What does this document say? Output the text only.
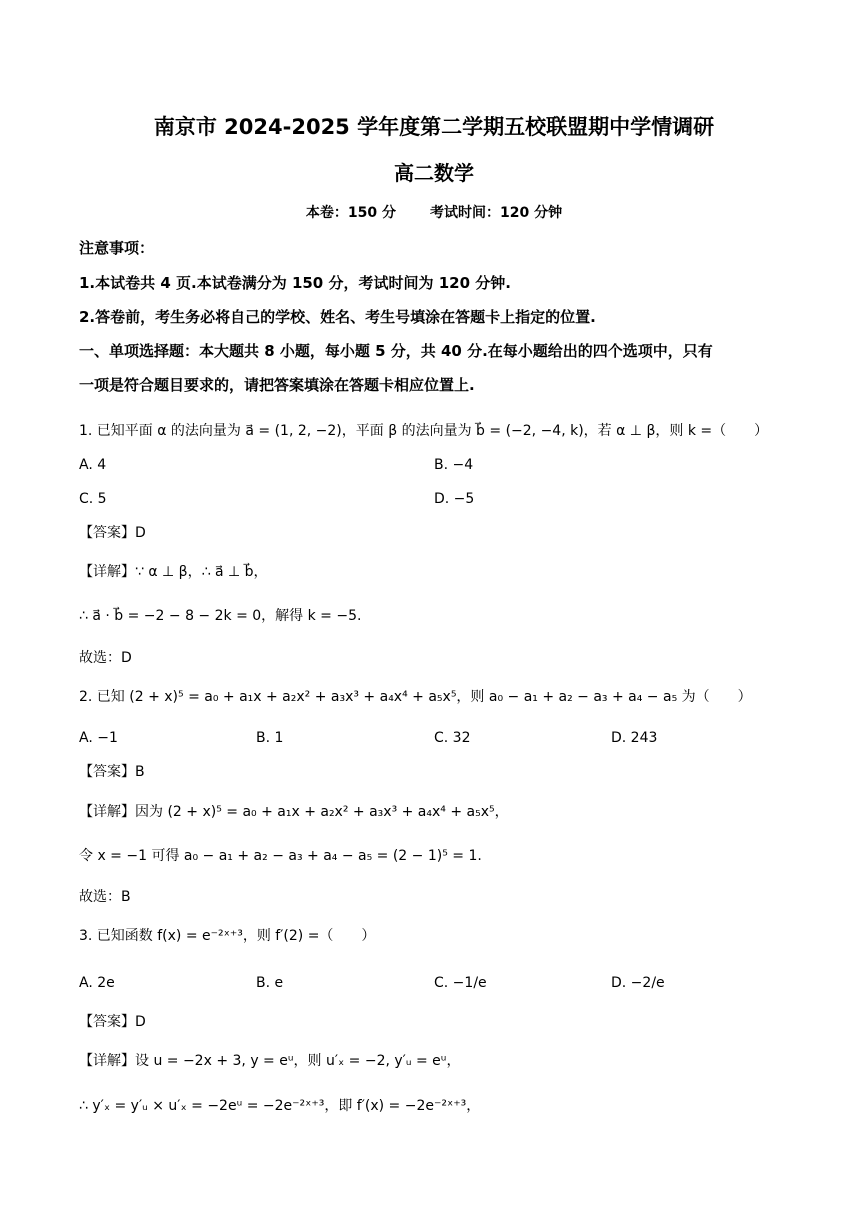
南京市 2024-2025 学年度第二学期五校联盟期中学情调研
高二数学
本卷：150 分 考试时间：120 分钟
注意事项：
1.本试卷共 4 页.本试卷满分为 150 分，考试时间为 120 分钟.
2.答卷前，考生务必将自己的学校、姓名、考生号填涂在答题卡上指定的位置.
一、单项选择题：本大题共 8 小题，每小题 5 分，共 40 分.在每小题给出的四个选项中，只有
一项是符合题目要求的，请把答案填涂在答题卡相应位置上.
1. 已知平面 α 的法向量为 a⃗ = (1, 2, −2)，平面 β 的法向量为 b⃗ = (−2, −4, k)，若 α ⊥ β，则 k =（　　）
A. 4	B. −4
C. 5	D. −5
【答案】D
【详解】∵ α ⊥ β，∴ a⃗ ⊥ b⃗，
∴ a⃗ · b⃗ = −2 − 8 − 2k = 0，解得 k = −5.
故选：D
2. 已知 (2 + x)⁵ = a₀ + a₁x + a₂x² + a₃x³ + a₄x⁴ + a₅x⁵，则 a₀ − a₁ + a₂ − a₃ + a₄ − a₅ 为（　　）
A. −1	B. 1	C. 32	D. 243
【答案】B
【详解】因为 (2 + x)⁵ = a₀ + a₁x + a₂x² + a₃x³ + a₄x⁴ + a₅x⁵，
令 x = −1 可得 a₀ − a₁ + a₂ − a₃ + a₄ − a₅ = (2 − 1)⁵ = 1.
故选：B
3. 已知函数 f(x) = e⁻²ˣ⁺³，则 f′(2) =（　　）
A. 2e	B. e	C. −1/e	D. −2/e
【答案】D
【详解】设 u = −2x + 3, y = eᵘ，则 u′ₓ = −2, y′ᵤ = eᵘ，
∴ y′ₓ = y′ᵤ × u′ₓ = −2eᵘ = −2e⁻²ˣ⁺³，即 f′(x) = −2e⁻²ˣ⁺³，
